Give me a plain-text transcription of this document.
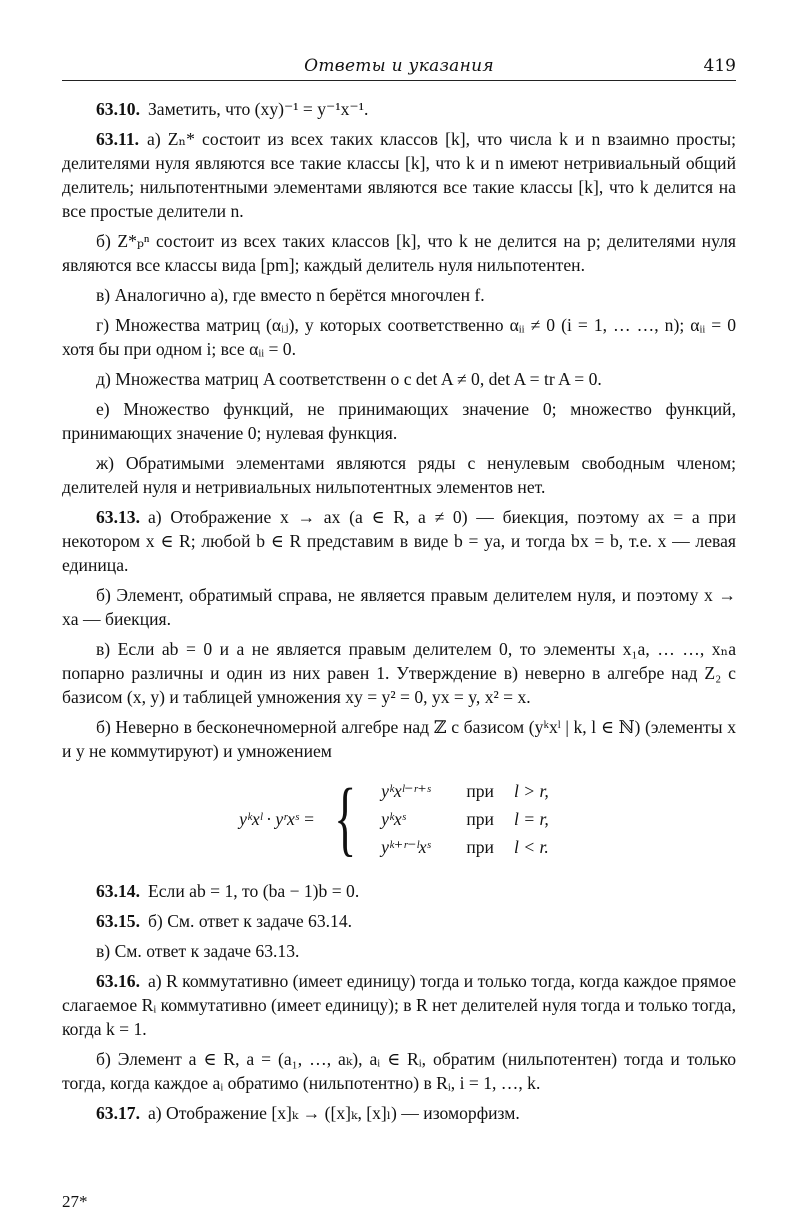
Ответы и указания	419

63.10. Заметить, что (xy)⁻¹ = y⁻¹x⁻¹.

63.11. а) Zₙ* состоит из всех таких классов [k], что числа k и n взаимно просты; делителями нуля являются все такие классы [k], что k и n имеют нетривиальный общий делитель; нильпотентными элементами являются все такие классы [k], что k делится на все простые делители n.

б) Z*ₚⁿ состоит из всех таких классов [k], что k не делится на p; делителями нуля являются все классы вида [pm]; каждый делитель нуля нильпотентен.

в) Аналогично а), где вместо n берётся многочлен f.

г) Множества матриц (αᵢⱼ), у которых соответственно αᵢᵢ ≠ 0 (i = 1, … …, n); αᵢᵢ = 0 хотя бы при одном i; все αᵢᵢ = 0.

д) Множества матриц A соответственн о с det A ≠ 0, det A = tr A = 0.

е) Множество функций, не принимающих значение 0; множество функций, принимающих значение 0; нулевая функция.

ж) Обратимыми элементами являются ряды с ненулевым свободным членом; делителей нуля и нетривиальных нильпотентных элементов нет.

63.13. а) Отображение x → ax (a ∈ R, a ≠ 0) — биекция, поэтому ax = a при некотором x ∈ R; любой b ∈ R представим в виде b = ya, и тогда bx = b, т.е. x — левая единица.

б) Элемент, обратимый справа, не является правым делителем нуля, и поэтому x → xa — биекция.

в) Если ab = 0 и a не является правым делителем 0, то элементы x₁a, … …, xₙa попарно различны и один из них равен 1. Утверждение в) неверно в алгебре над Z₂ с базисом (x, y) и таблицей умножения xy = y² = 0, yx = y, x² = x.

б) Неверно в бесконечномерной алгебре над ℤ с базисом (yᵏxˡ | k, l ∈ ℕ) (элементы x и y не коммутируют) и умножением

yᵏxˡ · yʳxˢ = { yᵏxˡ⁻ʳ⁺ˢ	при	l > r,
yᵏxˢ	при	l = r,
yᵏ⁺ʳ⁻ˡxˢ	при	l < r.

63.14. Если ab = 1, то (ba − 1)b = 0.

63.15. б) См. ответ к задаче 63.14.

в) См. ответ к задаче 63.13.

63.16. а) R коммутативно (имеет единицу) тогда и только тогда, когда каждое прямое слагаемое Rᵢ коммутативно (имеет единицу); в R нет делителей нуля тогда и только тогда, когда k = 1.

б) Элемент a ∈ R, a = (a₁, …, aₖ), aᵢ ∈ Rᵢ, обратим (нильпотентен) тогда и только тогда, когда каждое aᵢ обратимо (нильпотентно) в Rᵢ, i = 1, …, k.

63.17. а) Отображение [x]ₖ → ([x]ₖ, [x]ₗ) — изоморфизм.

27*
